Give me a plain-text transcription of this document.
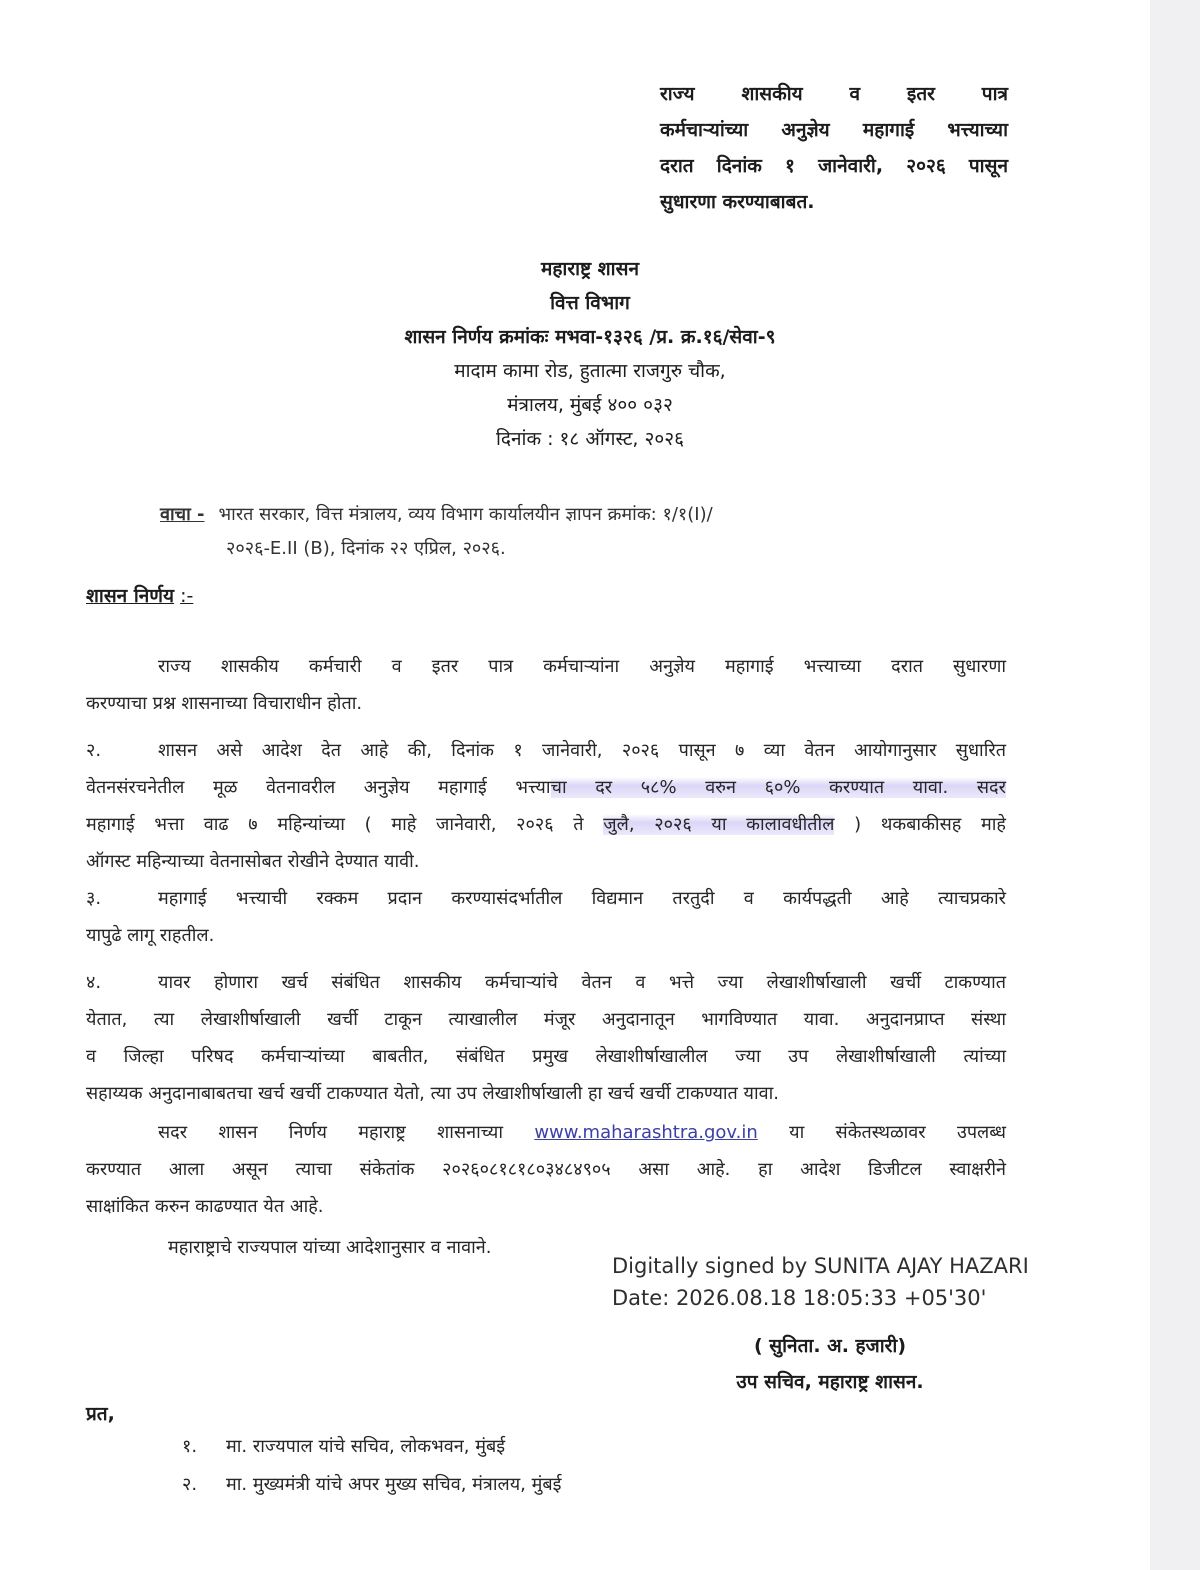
राज्य शासकीय व इतर पात्र
कर्मचाऱ्यांच्या अनुज्ञेय महागाई भत्त्याच्या
दरात दिनांक १ जानेवारी, २०२६ पासून
सुधारणा करण्याबाबत.
महाराष्ट्र शासन
वित्त विभाग
शासन निर्णय क्रमांकः मभवा-१३२६ /प्र. क्र.१६/सेवा-९
मादाम कामा रोड, हुतात्मा राजगुरु चौक,
मंत्रालय, मुंबई ४०० ०३२
दिनांक : १८ ऑगस्ट, २०२६
वाचा - भारत सरकार, वित्त मंत्रालय, व्यय विभाग कार्यालयीन ज्ञापन क्रमांक: १/१(I)/
२०२६-E.II (B), दिनांक २२ एप्रिल, २०२६.
शासन निर्णय :-
राज्य शासकीय कर्मचारी व इतर पात्र कर्मचाऱ्यांना अनुज्ञेय महागाई भत्त्याच्या दरात सुधारणा
करण्याचा प्रश्न शासनाच्या विचाराधीन होता.
२.	शासन असे आदेश देत आहे की, दिनांक १ जानेवारी, २०२६ पासून ७ व्या वेतन आयोगानुसार सुधारित
वेतनसंरचनेतील मूळ वेतनावरील अनुज्ञेय महागाई भत्त्याचा दर ५८% वरुन ६०% करण्यात यावा. सदर
महागाई भत्ता वाढ ७ महिन्यांच्या ( माहे जानेवारी, २०२६ ते जुलै, २०२६ या कालावधीतील ) थकबाकीसह माहे
ऑगस्ट महिन्याच्या वेतनासोबत रोखीने देण्यात यावी.
३.	महागाई भत्त्याची रक्कम प्रदान करण्यासंदर्भातील विद्यमान तरतुदी व कार्यपद्धती आहे त्याचप्रकारे
यापुढे लागू राहतील.
४.	यावर होणारा खर्च संबंधित शासकीय कर्मचाऱ्यांचे वेतन व भत्ते ज्या लेखाशीर्षाखाली खर्ची टाकण्यात
येतात, त्या लेखाशीर्षाखाली खर्ची टाकून त्याखालील मंजूर अनुदानातून भागविण्यात यावा. अनुदानप्राप्त संस्था
व जिल्हा परिषद कर्मचाऱ्यांच्या बाबतीत, संबंधित प्रमुख लेखाशीर्षाखालील ज्या उप लेखाशीर्षाखाली त्यांच्या
सहाय्यक अनुदानाबाबतचा खर्च खर्ची टाकण्यात येतो, त्या उप लेखाशीर्षाखाली हा खर्च खर्ची टाकण्यात यावा.
सदर शासन निर्णय महाराष्ट्र शासनाच्या www.maharashtra.gov.in या संकेतस्थळावर उपलब्ध
करण्यात आला असून त्याचा संकेतांक २०२६०८१८१८०३४८४९०५ असा आहे. हा आदेश डिजीटल स्वाक्षरीने
साक्षांकित करुन काढण्यात येत आहे.
महाराष्ट्राचे राज्यपाल यांच्या आदेशानुसार व नावाने.
Digitally signed by SUNITA AJAY HAZARI
Date: 2026.08.18 18:05:33 +05'30'
( सुनिता. अ. हजारी)
उप सचिव, महाराष्ट्र शासन.
प्रत,
१. मा. राज्यपाल यांचे सचिव, लोकभवन, मुंबई
२. मा. मुख्यमंत्री यांचे अपर मुख्य सचिव, मंत्रालय, मुंबई
